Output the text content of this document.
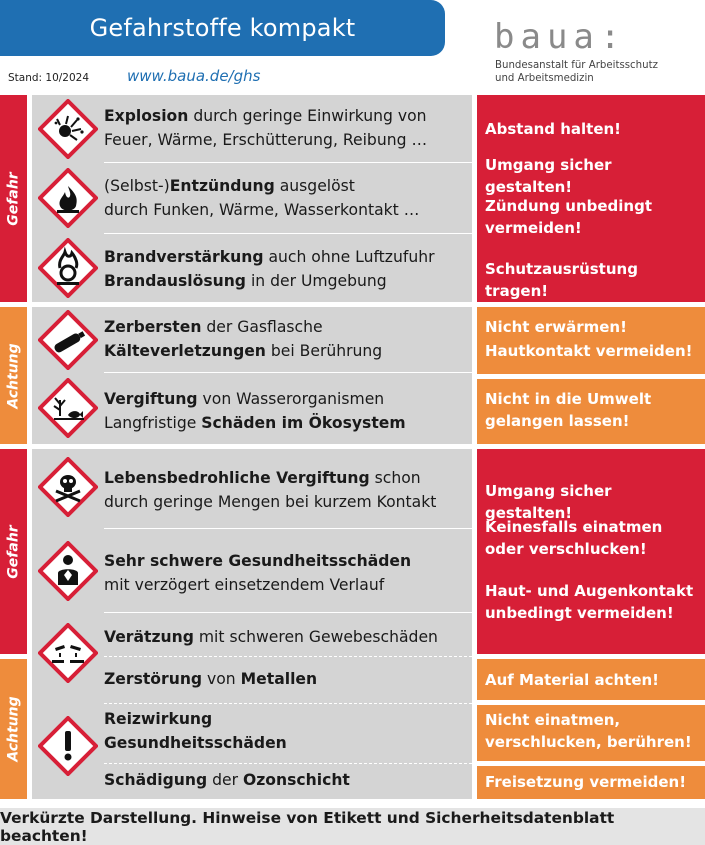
Gefahrstoffe kompakt
Stand: 10/2024	www.baua.de/ghs
baua:
Bundesanstalt für Arbeitsschutz
und Arbeitsmedizin
Gefahr
Achtung
Gefahr
Achtung
Explosion durch geringe Einwirkung von
Feuer, Wärme, Erschütterung, Reibung …
(Selbst-)Entzündung ausgelöst
durch Funken, Wärme, Wasserkontakt …
Brandverstärkung auch ohne Luftzufuhr
Brandauslösung in der Umgebung
Zerbersten der Gasflasche
Kälteverletzungen bei Berührung
Vergiftung von Wasserorganismen
Langfristige Schäden im Ökosystem
Lebensbedrohliche Vergiftung schon
durch geringe Mengen bei kurzem Kontakt
Sehr schwere Gesundheitsschäden
mit verzögert einsetzendem Verlauf
Verätzung mit schweren Gewebeschäden
Zerstörung von Metallen
Reizwirkung
Gesundheitsschäden
Schädigung der Ozonschicht
Abstand halten!
Umgang sicher gestalten!
Zündung unbedingt vermeiden!
Schutzausrüstung tragen!
Nicht erwärmen!
Hautkontakt vermeiden!
Nicht in die Umwelt gelangen lassen!
Umgang sicher gestalten!
Keinesfalls einatmen oder verschlucken!
Haut- und Augenkontakt unbedingt vermeiden!
Auf Material achten!
Nicht einatmen, verschlucken, berühren!
Freisetzung vermeiden!
Verkürzte Darstellung. Hinweise von Etikett und Sicherheitsdatenblatt beachten!
